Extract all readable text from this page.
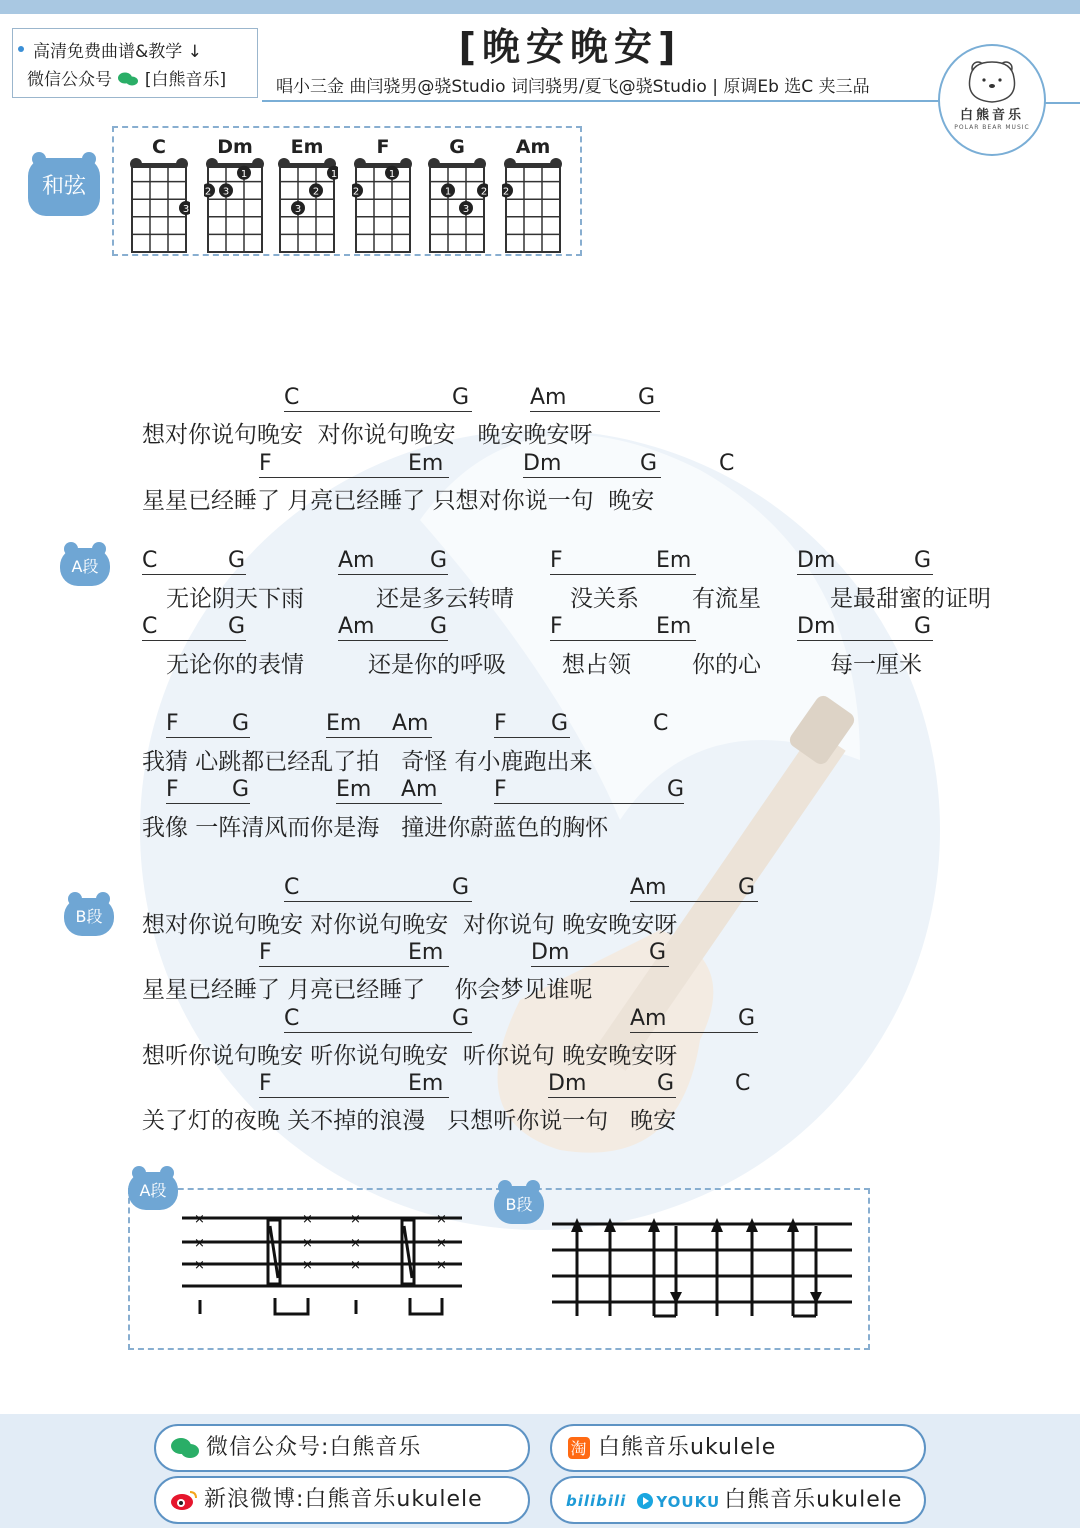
高清免费曲谱&教学 ↓
微信公众号 [白熊音乐]
[晚安晚安]
唱小三金 曲闫骁男@骁Studio 词闫骁男/夏飞@骁Studio | 原调Eb 选C 夹三品
白熊音乐
POLAR BEAR MUSIC
和弦
C
3
Dm
1
2 3
Em
2
3
1
F
1
2
G
1	2
3
Am
2
A段
B段
C	G	Am	G
想对你说句晚安  对你说句晚安   晚安晚安呀
F	Em	Dm	G	C
星星已经睡了 月亮已经睡了 只想对你说一句  晚安
C	G	Am	G	F	Em	Dm	G
无论阴天下雨	还是多云转晴 没关系 有流星	是最甜蜜的证明
C	G	Am	G	F	Em	Dm	G
无论你的表情	还是你的呼吸 想占领	你的心	每一厘米
F G	Em Am	F G	C
我猜 心跳都已经乱了拍   奇怪 有小鹿跑出来
F G	Em Am	F	G
我像 一阵清风而你是海   撞进你蔚蓝色的胸怀
C	G	Am	G
想对你说句晚安 对你说句晚安  对你说句 晚安晚安呀
F	Em	Dm	G
星星已经睡了 月亮已经睡了    你会梦见谁呢
C	G	Am	G
想听你说句晚安 听你说句晚安  听你说句 晚安晚安呀
F	Em	Dm	G	C
关了灯的夜晚 关不掉的浪漫   只想听你说一句   晚安
A段
B段
×
×
×
×
×
×
×
×
×
×
×
×
微信公众号:白熊音乐	淘 白熊音乐ukulele
新浪微博:白熊音乐ukulele	bilibili YOUKU 白熊音乐ukulele
